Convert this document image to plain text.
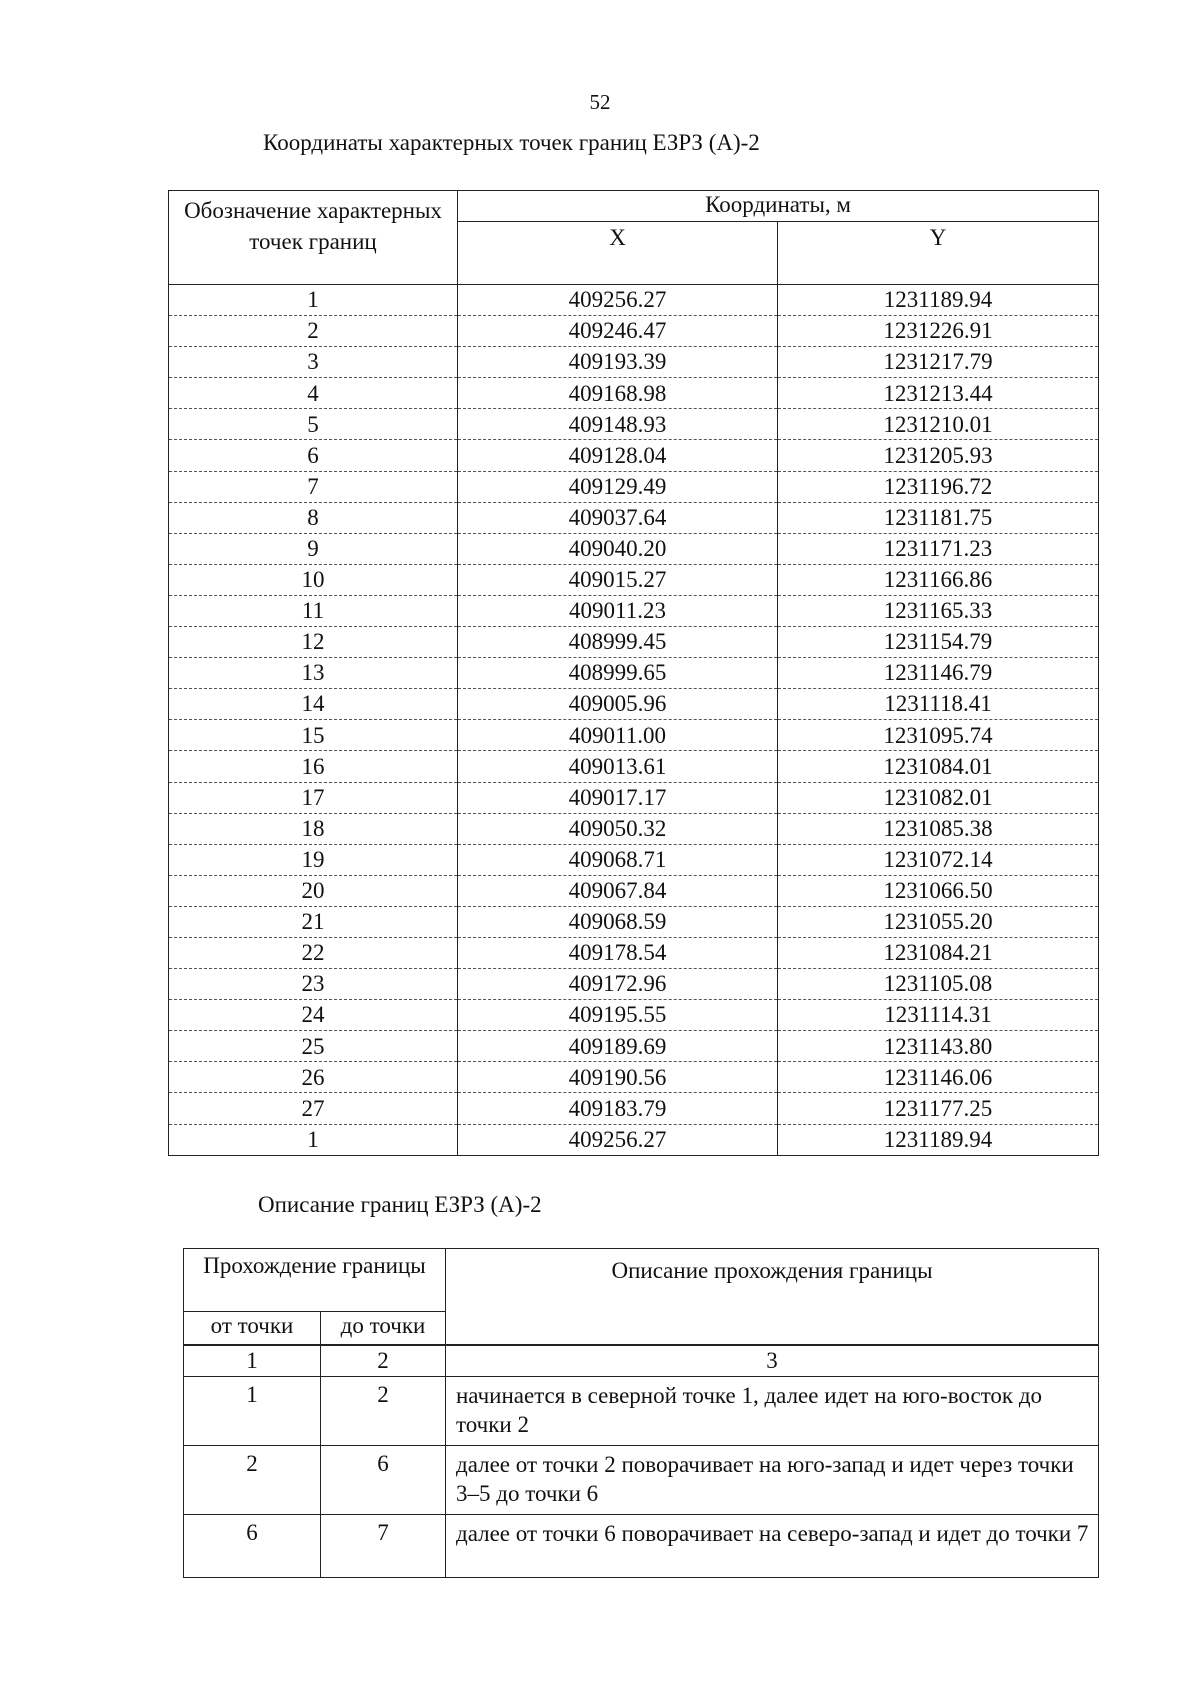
52
Координаты характерных точек границ ЕЗРЗ (А)-2
Обозначение характерных точек границ	Координаты, м	
	X	Y
1	409256.27	1231189.94
2	409246.47	1231226.91
3	409193.39	1231217.79
4	409168.98	1231213.44
5	409148.93	1231210.01
6	409128.04	1231205.93
7	409129.49	1231196.72
8	409037.64	1231181.75
9	409040.20	1231171.23
10	409015.27	1231166.86
11	409011.23	1231165.33
12	408999.45	1231154.79
13	408999.65	1231146.79
14	409005.96	1231118.41
15	409011.00	1231095.74
16	409013.61	1231084.01
17	409017.17	1231082.01
18	409050.32	1231085.38
19	409068.71	1231072.14
20	409067.84	1231066.50
21	409068.59	1231055.20
22	409178.54	1231084.21
23	409172.96	1231105.08
24	409195.55	1231114.31
25	409189.69	1231143.80
26	409190.56	1231146.06
27	409183.79	1231177.25
1	409256.27	1231189.94
Описание границ ЕЗРЗ (А)-2
Прохождение границы		Описание прохождения границы
от точки	до точки	
1	2	3
1	2	начинается в северной точке 1, далее идет на юго-восток до точки 2
2	6	далее от точки 2 поворачивает на юго-запад и идет через точки 3–5 до точки 6
6	7	далее от точки 6 поворачивает на северо-запад и идет до точки 7
